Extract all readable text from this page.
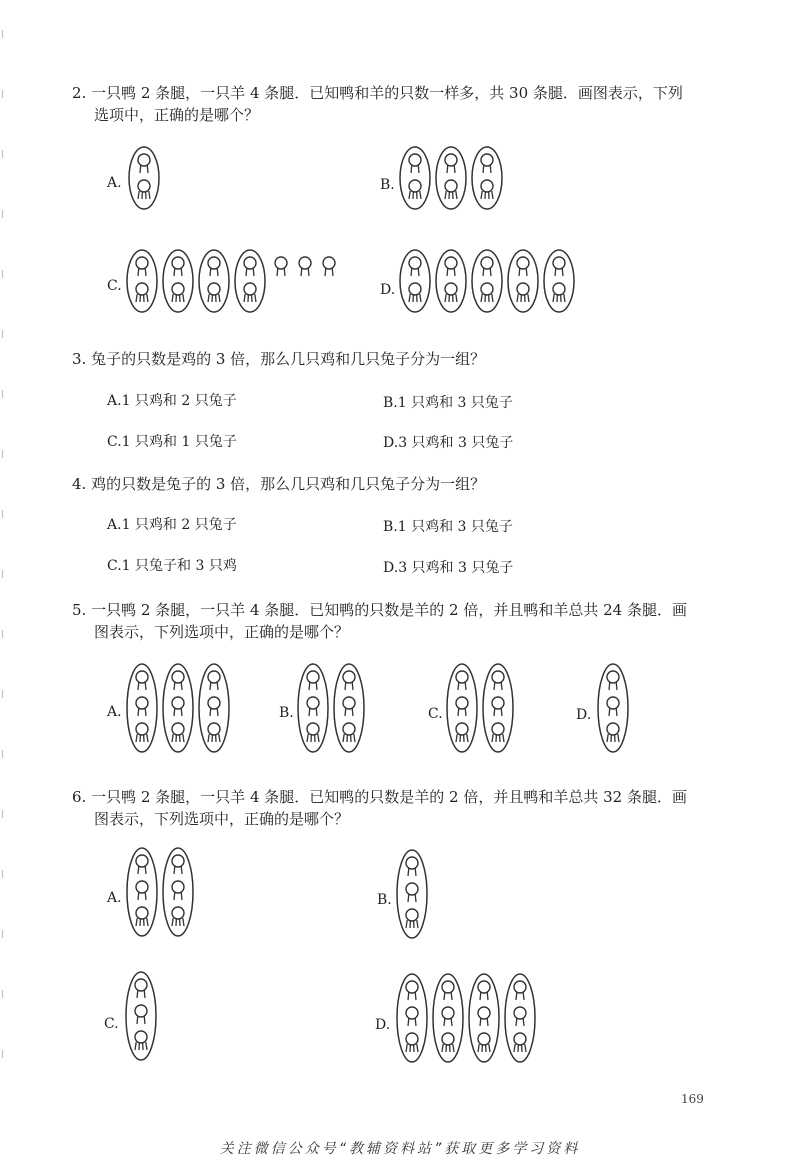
2. 一只鸭 2 条腿，一只羊 4 条腿．已知鸭和羊的只数一样多，共 30 条腿．画图表示，下列
选项中，正确的是哪个？
A.	B.
C.	D.
3. 兔子的只数是鸡的 3 倍，那么几只鸡和几只兔子分为一组？
A.1 只鸡和 2 只兔子	B.1 只鸡和 3 只兔子
C.1 只鸡和 1 只兔子	D.3 只鸡和 3 只兔子
4. 鸡的只数是兔子的 3 倍，那么几只鸡和几只兔子分为一组？
A.1 只鸡和 2 只兔子	B.1 只鸡和 3 只兔子
C.1 只兔子和 3 只鸡	D.3 只鸡和 3 只兔子
5. 一只鸭 2 条腿，一只羊 4 条腿．已知鸭的只数是羊的 2 倍，并且鸭和羊总共 24 条腿．画
图表示，下列选项中，正确的是哪个？
A.	B.	C.	D.
6. 一只鸭 2 条腿，一只羊 4 条腿．已知鸭的只数是羊的 2 倍，并且鸭和羊总共 32 条腿．画
图表示，下列选项中，正确的是哪个？
A.	B.
C.	D.
169
关注微信公众号“教辅资料站”获取更多学习资料
